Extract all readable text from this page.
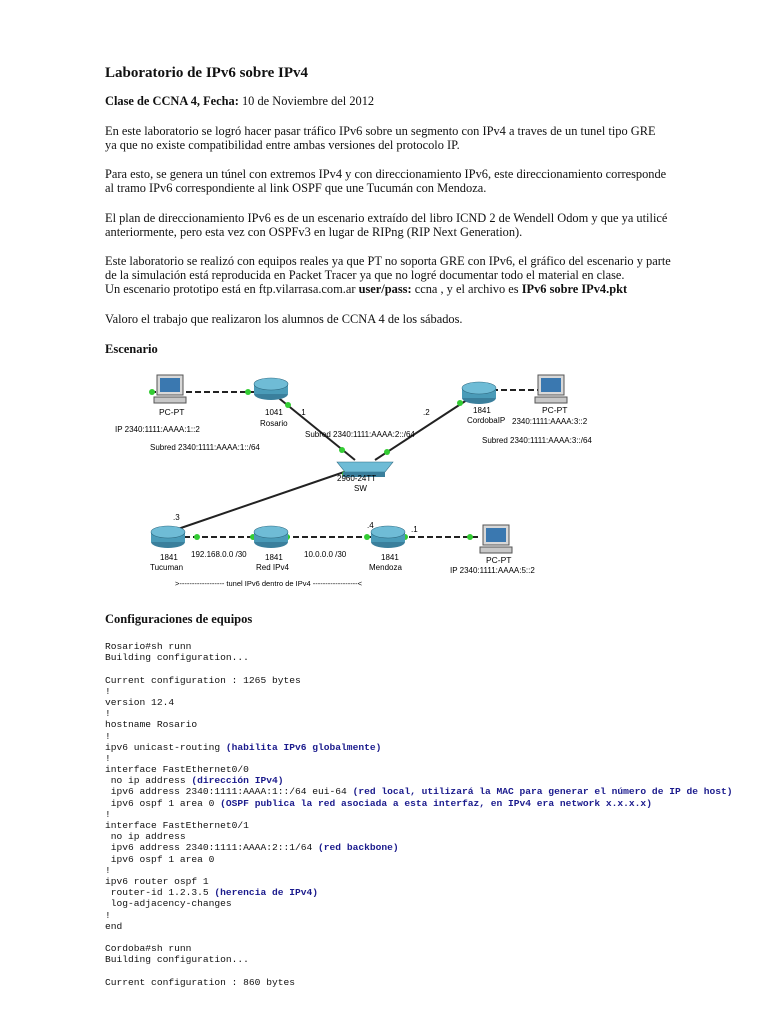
Laboratorio de IPv6 sobre IPv4
Clase de CCNA 4, Fecha: 10 de Noviembre del 2012
En este laboratorio se logró hacer pasar tráfico IPv6 sobre un segmento con IPv4 a traves de un tunel tipo GRE
ya que no existe compatibilidad entre ambas versiones del protocolo IP.
Para esto, se genera un túnel con extremos IPv4 y con direccionamiento IPv6, este direccionamiento corresponde
al tramo IPv6 correspondiente al link OSPF que une Tucumán con Mendoza.
El plan de direccionamiento IPv6 es de un escenario extraído del libro ICND 2 de Wendell Odom y que ya utilicé
anteriormente, pero esta vez con OSPFv3 en lugar de RIPng (RIP Next Generation).
Este laboratorio se realizó con equipos reales ya que PT no soporta GRE con IPv6, el gráfico del escenario y parte
de la simulación está reproducida en Packet Tracer ya que no logré documentar todo el material en clase.
Un escenario prototipo está en ftp.vilarrasa.com.ar user/pass: ccna , y el archivo es IPv6 sobre IPv4.pkt
Valoro el trabajo que realizaron los alumnos de CCNA 4 de los sábados.
Escenario
PC-PT
IP 2340:1111:AAAA:1::2
Subred 2340:1111:AAAA:1::/64
1041 .1
Rosario
Subred 2340:1111:AAAA:2::/64
2960-24TT
SW
.2	1841
CordobaIP
Subred 2340:1111:AAAA:3::/64
.3
1841
Tucuman
192.168.0.0 /30 1841
Red IPv4
10.0.0.0 /30
.4	.1
1841
Mendoza
PC-PT
IP 2340:1111:AAAA:5::2
>------------------ tunel IPv6 dentro de IPv4 ------------------<
PC-PT
2340:1111:AAAA:3::2
Configuraciones de equipos
Rosario#sh runn
Building configuration...
Current configuration : 1265 bytes
!
version 12.4
!
hostname Rosario
!
ipv6 unicast-routing (habilita IPv6 globalmente)
!
interface FastEthernet0/0
no ip address (dirección IPv4)
ipv6 address 2340:1111:AAAA:1::/64 eui-64 (red local, utilizará la MAC para generar el número de IP de host)
ipv6 ospf 1 area 0 (OSPF publica la red asociada a esta interfaz, en IPv4 era network x.x.x.x)
!
interface FastEthernet0/1
no ip address
ipv6 address 2340:1111:AAAA:2::1/64 (red backbone)
ipv6 ospf 1 area 0
!
ipv6 router ospf 1
router-id 1.2.3.5 (herencia de IPv4)
log-adjacency-changes
!
end
Cordoba#sh runn
Building configuration...
Current configuration : 860 bytes
